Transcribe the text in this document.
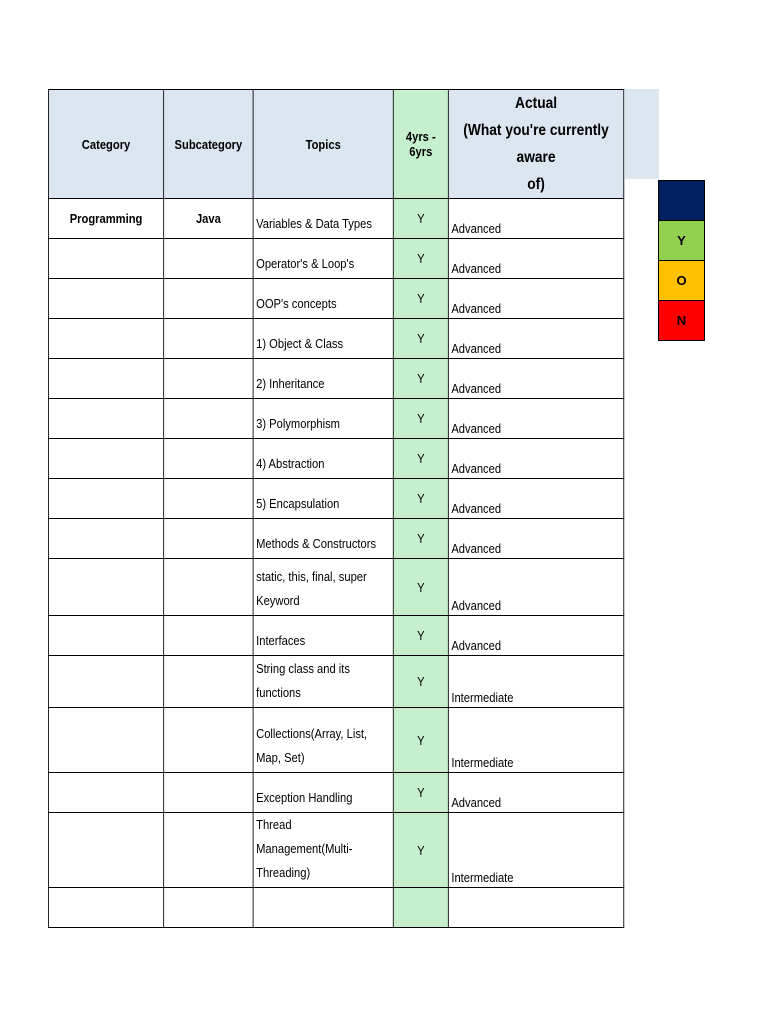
Category	Subcategory	Topics	4yrs - 6yrs	Actual
(What you're currently aware
of)
Programming	Java	Variables & Data Types	Y	Advanced
		Operator's & Loop's	Y	Advanced
		OOP's concepts	Y	Advanced
		1) Object & Class	Y	Advanced
		2) Inheritance	Y	Advanced
		3) Polymorphism	Y	Advanced
		4) Abstraction	Y	Advanced
		5) Encapsulation	Y	Advanced
		Methods & Constructors	Y	Advanced
		static, this, final, super Keyword	Y	Advanced
		Interfaces	Y	Advanced
		String class and its functions	Y	Intermediate
		Collections(Array, List, Map, Set)	Y	Intermediate
		Exception Handling	Y	Advanced
		Thread Management(Multi-Threading)	Y	Intermediate

Y
O
N
